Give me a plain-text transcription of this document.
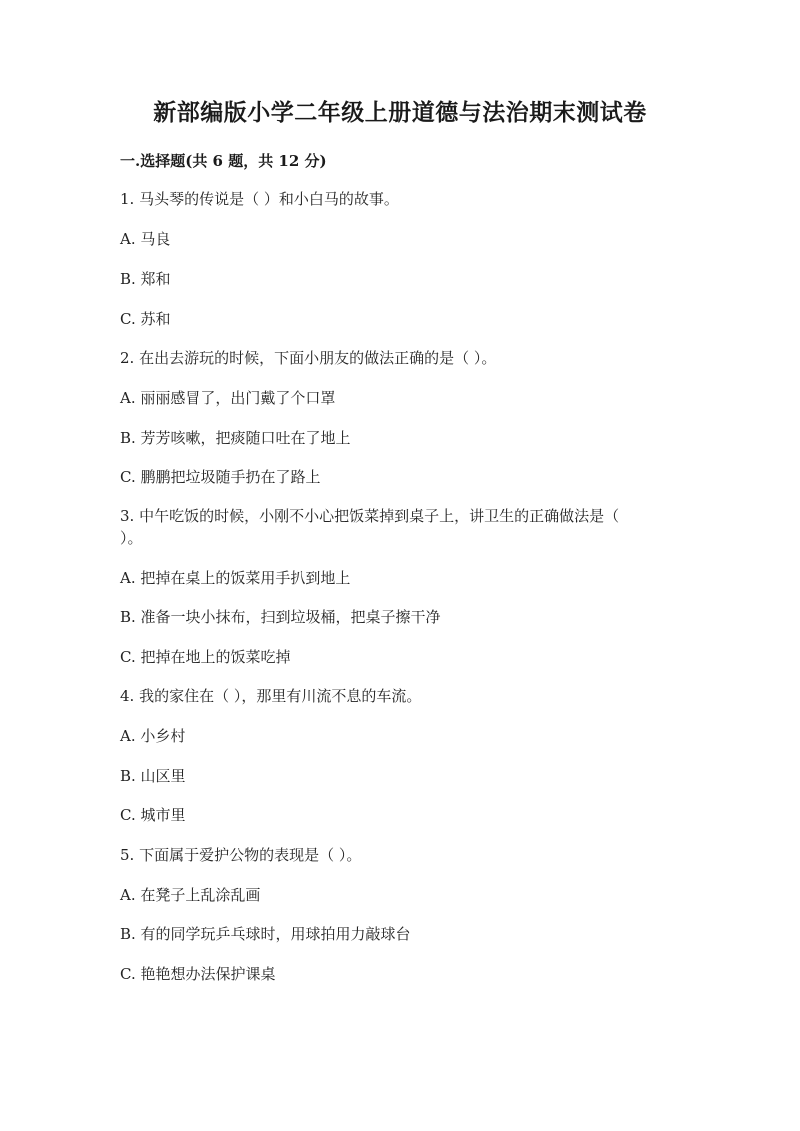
新部编版小学二年级上册道德与法治期末测试卷
一.选择题(共 6 题，共 12 分)
1. 马头琴的传说是（ ）和小白马的故事。
A. 马良
B. 郑和
C. 苏和
2. 在出去游玩的时候，下面小朋友的做法正确的是（ ）。
A. 丽丽感冒了，出门戴了个口罩
B. 芳芳咳嗽，把痰随口吐在了地上
C. 鹏鹏把垃圾随手扔在了路上
3. 中午吃饭的时候，小刚不小心把饭菜掉到桌子上，讲卫生的正确做法是（ ）。
A. 把掉在桌上的饭菜用手扒到地上
B. 准备一块小抹布，扫到垃圾桶，把桌子擦干净
C. 把掉在地上的饭菜吃掉
4. 我的家住在（ ），那里有川流不息的车流。
A. 小乡村
B. 山区里
C. 城市里
5. 下面属于爱护公物的表现是（ ）。
A. 在凳子上乱涂乱画
B. 有的同学玩乒乓球时，用球拍用力敲球台
C. 艳艳想办法保护课桌
